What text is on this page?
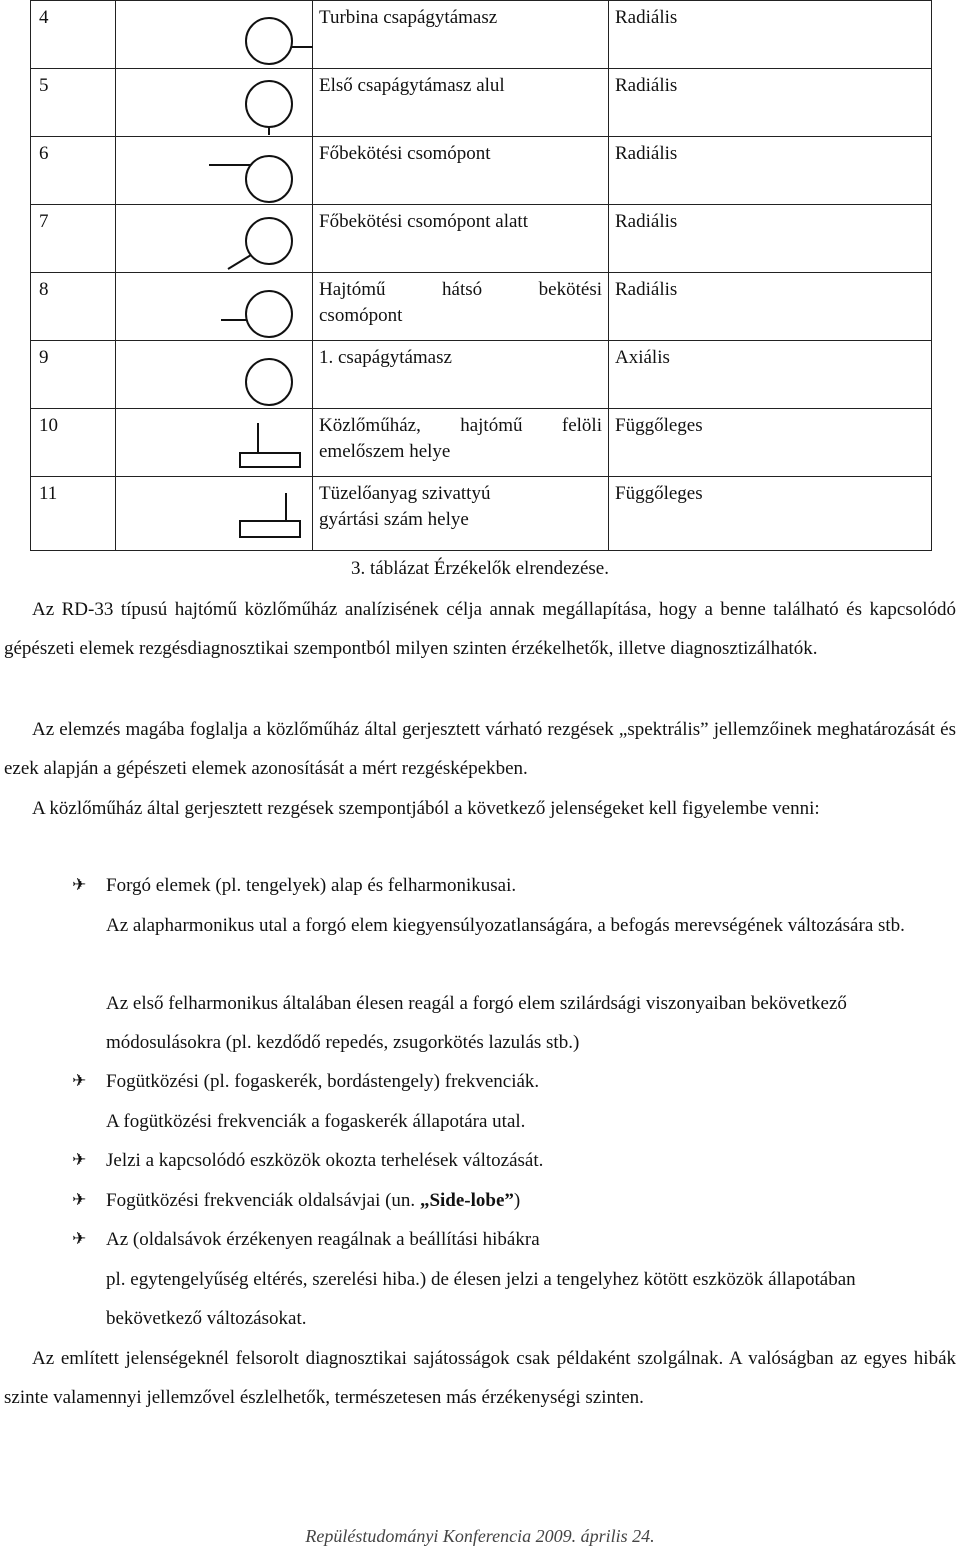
4		Turbina csapágytámasz	Radiális
5		Első csapágytámasz alul	Radiális
6		Főbekötési csomópont	Radiális
7		Főbekötési csomópont alatt	Radiális
8		Hajtómű hátsó bekötési
csomópont	Radiális
9		1. csapágytámasz	Axiális
10		Közlőműház, hajtómű felöli
emelőszem helye	Függőleges
11		Tüzelőanyag szivattyú
gyártási szám helye	Függőleges
3. táblázat Érzékelők elrendezése.

Az RD-33 típusú hajtómű közlőműház analízisének célja annak megállapítása, hogy a benne található és kapcsolódó gépészeti elemek rezgésdiagnosztikai szempontból milyen szinten érzékelhetők, illetve diagnosztizálhatók.

Az elemzés magába foglalja a közlőműház által gerjesztett várható rezgések „spektrális” jellemzőinek meghatározását és ezek alapján a gépészeti elemek azonosítását a mért rezgésképekben.

A közlőműház által gerjesztett rezgések szempontjából a következő jelenségeket kell figyelembe venni:

✈	Forgó elemek (pl. tengelyek) alap és felharmonikusai.

Az alapharmonikus utal a forgó elem kiegyensúlyozatlanságára, a befogás merevségének változására stb.

Az első felharmonikus általában élesen reagál a forgó elem szilárdsági viszonyaiban bekövetkező módosulásokra (pl. kezdődő repedés, zsugorkötés lazulás stb.)

✈	Fogütközési (pl. fogaskerék, bordástengely) frekvenciák.

A fogütközési frekvenciák a fogaskerék állapotára utal.

✈	Jelzi a kapcsolódó eszközök okozta terhelések változását.
✈	Fogütközési frekvenciák oldalsávjai (un. „Side-lobe”)
✈	Az (oldalsávok érzékenyen reagálnak a beállítási hibákra

pl. egytengelyűség eltérés, szerelési hiba.) de élesen jelzi a tengelyhez kötött eszközök állapotában bekövetkező változásokat.

Az említett jelenségeknél felsorolt diagnosztikai sajátosságok csak példaként szolgálnak. A valóságban az egyes hibák szinte valamennyi jellemzővel észlelhetők, természetesen más érzékenységi szinten.

Repüléstudományi Konferencia 2009. április 24.
